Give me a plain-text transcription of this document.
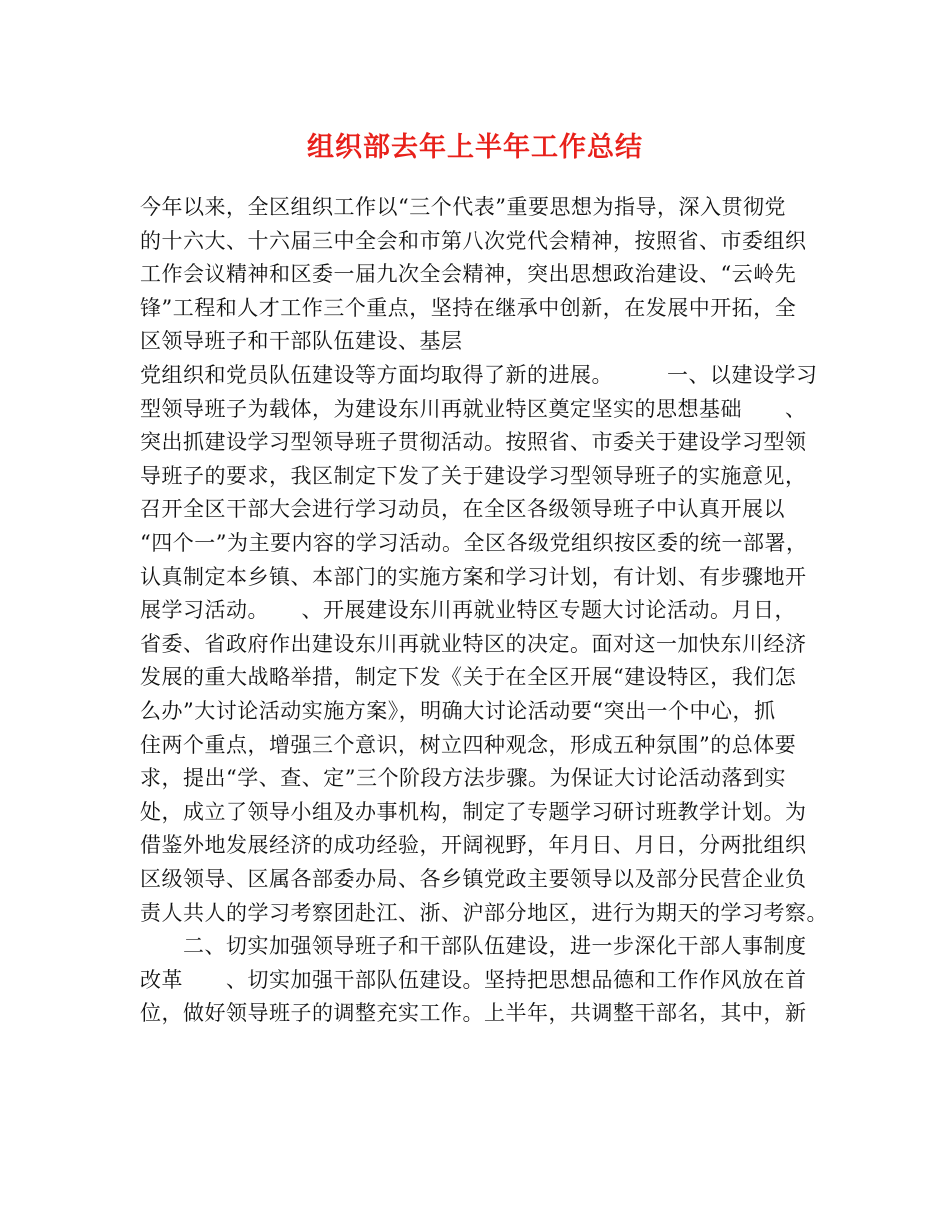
组织部去年上半年工作总结
今年以来，全区组织工作以“三个代表”重要思想为指导，深入贯彻党
的十六大、十六届三中全会和市第八次党代会精神，按照省、市委组织
工作会议精神和区委一届九次全会精神，突出思想政治建设、“云岭先
锋”工程和人才工作三个重点，坚持在继承中创新，在发展中开拓，全
区领导班子和干部队伍建设、基层
党组织和党员队伍建设等方面均取得了新的进展。　　　一、以建设学习
型领导班子为载体，为建设东川再就业特区奠定坚实的思想基础　　、
突出抓建设学习型领导班子贯彻活动。按照省、市委关于建设学习型领
导班子的要求，我区制定下发了关于建设学习型领导班子的实施意见，
召开全区干部大会进行学习动员，在全区各级领导班子中认真开展以
“四个一”为主要内容的学习活动。全区各级党组织按区委的统一部署，
认真制定本乡镇、本部门的实施方案和学习计划，有计划、有步骤地开
展学习活动。　　、开展建设东川再就业特区专题大讨论活动。月日，
省委、省政府作出建设东川再就业特区的决定。面对这一加快东川经济
发展的重大战略举措，制定下发《关于在全区开展“建设特区，我们怎
么办”大讨论活动实施方案》，明确大讨论活动要“突出一个中心，抓
住两个重点，增强三个意识，树立四种观念，形成五种氛围”的总体要
求，提出“学、查、定”三个阶段方法步骤。为保证大讨论活动落到实
处，成立了领导小组及办事机构，制定了专题学习研讨班教学计划。为
借鉴外地发展经济的成功经验，开阔视野，年月日、月日，分两批组织
区级领导、区属各部委办局、各乡镇党政主要领导以及部分民营企业负
责人共人的学习考察团赴江、浙、沪部分地区，进行为期天的学习考察。
　　二、切实加强领导班子和干部队伍建设，进一步深化干部人事制度
改革　　、切实加强干部队伍建设。坚持把思想品德和工作作风放在首
位，做好领导班子的调整充实工作。上半年，共调整干部名，其中，新
